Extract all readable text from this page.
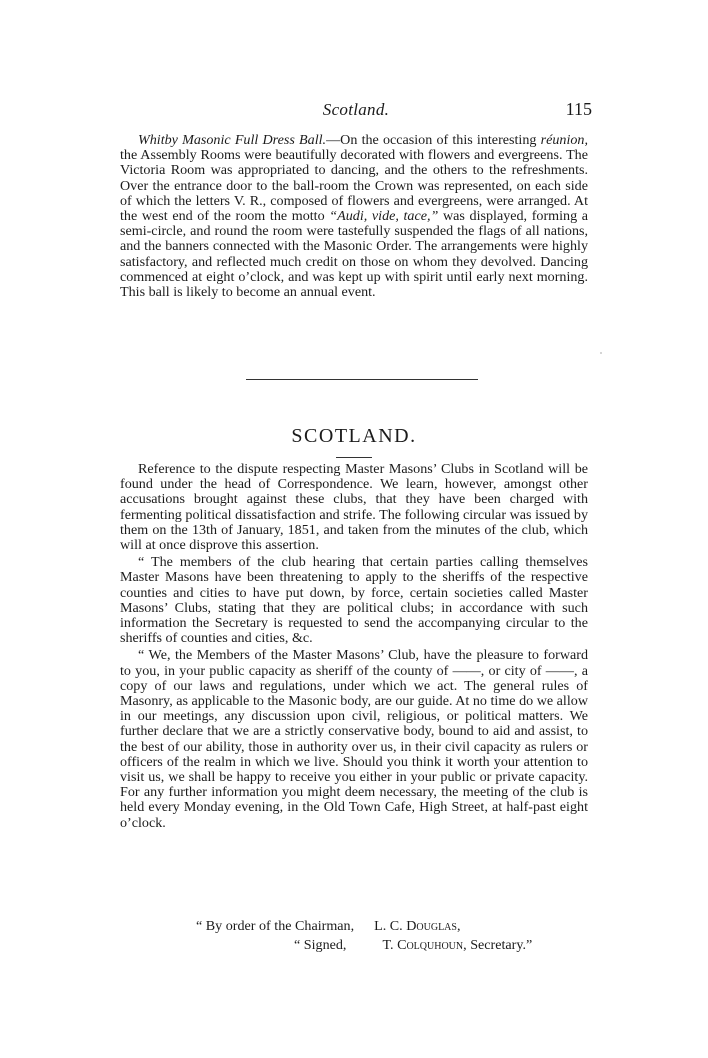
Scotland.	115

Whitby Masonic Full Dress Ball.—On the occasion of this interesting réunion, the Assembly Rooms were beautifully decorated with flowers and evergreens. The Victoria Room was appropriated to dancing, and the others to the refreshments. Over the entrance door to the ball-room the Crown was represented, on each side of which the letters V. R., composed of flowers and evergreens, were arranged. At the west end of the room the motto “Audi, vide, tace,” was displayed, forming a semi-circle, and round the room were tastefully suspended the flags of all nations, and the banners connected with the Masonic Order. The arrangements were highly satisfactory, and reflected much credit on those on whom they devolved. Dancing commenced at eight o’clock, and was kept up with spirit until early next morning. This ball is likely to become an annual event.

SCOTLAND.

Reference to the dispute respecting Master Masons’ Clubs in Scotland will be found under the head of Correspondence. We learn, however, amongst other accusations brought against these clubs, that they have been charged with fermenting political dissatisfaction and strife. The following circular was issued by them on the 13th of January, 1851, and taken from the minutes of the club, which will at once disprove this assertion.

“ The members of the club hearing that certain parties calling themselves Master Masons have been threatening to apply to the sheriffs of the respective counties and cities to have put down, by force, certain societies called Master Masons’ Clubs, stating that they are political clubs; in accordance with such information the Secretary is requested to send the accompanying circular to the sheriffs of counties and cities, &c.

“ We, the Members of the Master Masons’ Club, have the pleasure to forward to you, in your public capacity as sheriff of the county of ——, or city of ——, a copy of our laws and regulations, under which we act. The general rules of Masonry, as applicable to the Masonic body, are our guide. At no time do we allow in our meetings, any discussion upon civil, religious, or political matters. We further declare that we are a strictly conservative body, bound to aid and assist, to the best of our ability, those in authority over us, in their civil capacity as rulers or officers of the realm in which we live. Should you think it worth your attention to visit us, we shall be happy to receive you either in your public or private capacity. For any further information you might deem necessary, the meeting of the club is held every Monday evening, in the Old Town Cafe, High Street, at half-past eight o’clock.

“ By order of the Chairman, L. C. Douglas,
“ Signed,	T. Colquhoun, Secretary.”
